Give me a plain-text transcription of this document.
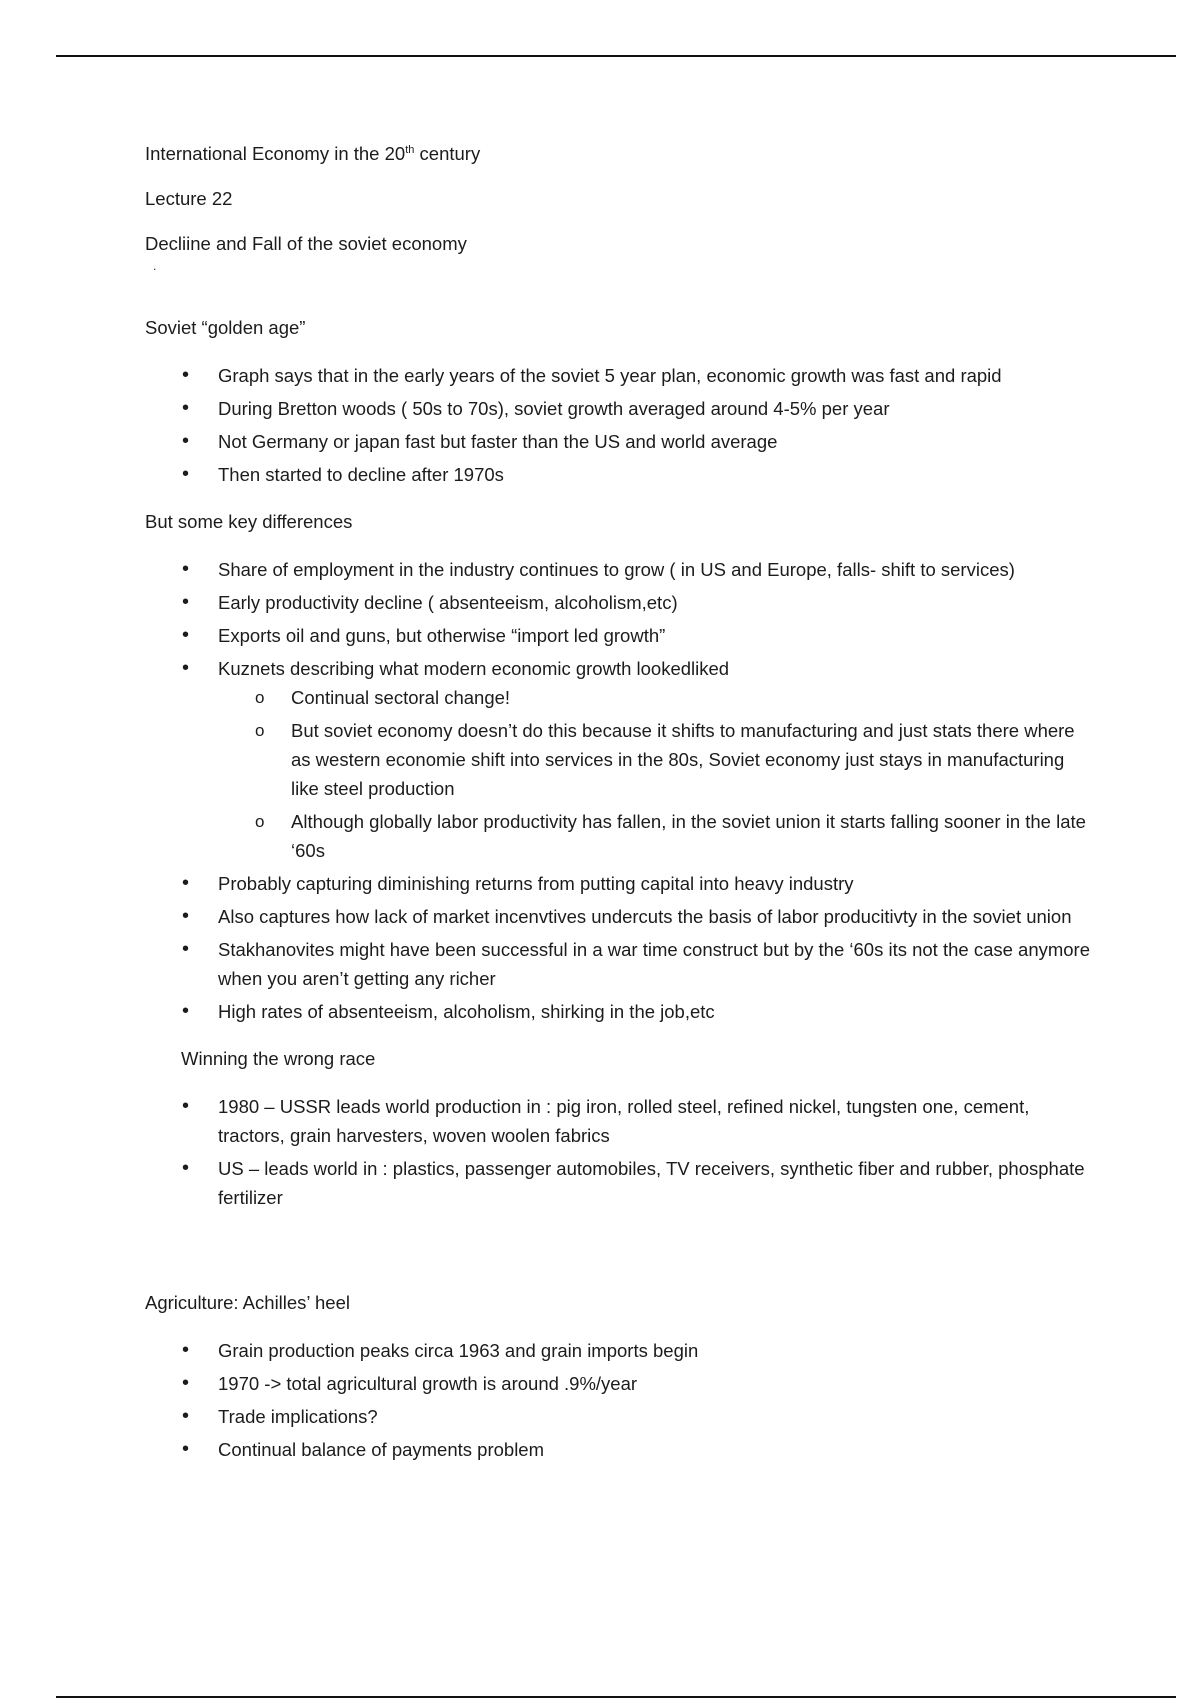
International Economy in the 20th century

Lecture 22

Decliine and Fall of the soviet economy

.

Soviet “golden age”

• Graph says that in the early years of the soviet 5 year plan, economic growth was fast and rapid
• During Bretton woods ( 50s to 70s), soviet growth averaged around 4-5% per year
• Not Germany or japan fast but faster than the US and world average
• Then started to decline after 1970s

But some key differences

• Share of employment in the industry continues to grow ( in US and Europe, falls- shift to services)
• Early productivity decline ( absenteeism, alcoholism,etc)
• Exports oil and guns, but otherwise “import led growth”
• Kuznets describing what modern economic growth lookedliked
o Continual sectoral change!
o But soviet economy doesn’t do this because it shifts to manufacturing and just stats there where as western economie shift into services in the 80s, Soviet economy just stays in manufacturing like steel production
o Although globally labor productivity has fallen, in the soviet union it starts falling sooner in the late ‘60s
• Probably capturing diminishing returns from putting capital into heavy industry
• Also captures how lack of market incenvtives undercuts the basis of labor producitivty in the soviet union
• Stakhanovites might have been successful in a war time construct but by the ‘60s its not the case anymore when you aren’t getting any richer
• High rates of absenteeism, alcoholism, shirking in the job,etc

Winning the wrong race

• 1980 – USSR leads world production in : pig iron, rolled steel, refined nickel, tungsten one, cement, tractors, grain harvesters, woven woolen fabrics
• US – leads world in : plastics, passenger automobiles, TV receivers, synthetic fiber and rubber, phosphate fertilizer

Agriculture: Achilles’ heel

• Grain production peaks circa 1963 and grain imports begin
• 1970 -> total agricultural growth is around .9%/year
• Trade implications?
• Continual balance of payments problem
